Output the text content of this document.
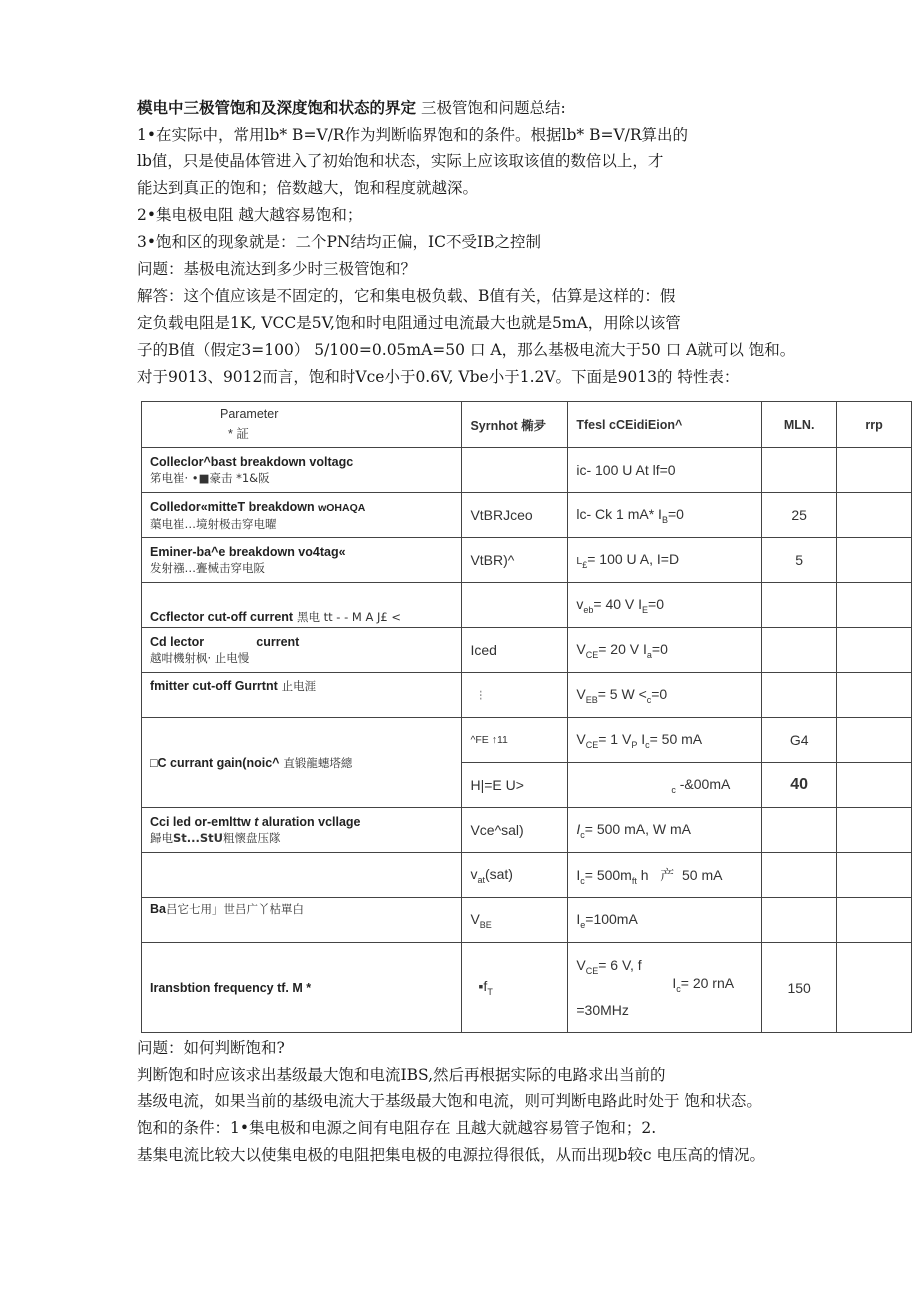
模电中三极管饱和及深度饱和状态的界定 三极管饱和问题总结:
1•在实际中，常用lb* B=V/R作为判断临界饱和的条件。根据lb* B=V/R算出的
lb值，只是使晶体管进入了初始饱和状态，实际上应该取该值的数倍以上，才
能达到真正的饱和；倍数越大，饱和程度就越深。
2•集电极电阻 越大越容易饱和；
3•饱和区的现象就是：二个PN结均正偏，IC不受IB之控制
问题：基极电流达到多少时三极管饱和？
解答：这个值应该是不固定的，它和集电极负载、B值有关，估算是这样的：假
定负载电阻是1K, VCC是5V,饱和时电阻通过电流最大也就是5mA，用除以该管
子的B值（假定3=100） 5/100=0.05mA=50 口 A，那么基极电流大于50 口 A就可以 饱和。
对于9013、9012而言，饱和时Vce小于0.6V, Vbe小于1.2V。下面是9013的 特性表：
Parameter
* 証	Syrnhot 椭夛	Tfesl cCEidiEion^	MLN.	rrp

Colleclor^bast breakdown voltagc
笫电崔· •■豪击 *1&阪		ic- 100 U At lf=0		

Colledor«mitteT breakdown wOHAQA
蕖电崔…境射极击穿电曜	VtBRJceo	lc- Ck 1 mA* $I_B=0$	25	

Eminer-ba^e breakdown vo4tag«
发射襁…亹械击穿电阪	VtBR)^	$L_£= 100$ U A, I=D	5	
Ccflector cut-off current 黑电 tt - - M A J£ <		$v_{eb}= 40$ V $I_E=0$		

Cd lector               current
越咁機射枫· 止电慢	Iced	$V_{CE}= 20$ V $I_a=0$		
fmitter cut-off Gurrtnt 止电涯	⁝	$V_{EB}= 5$ $W <_c=0$		
□C currant gain(noic^ 直锻龍蟪塔總	^FE ↑11	$V_{CE}= 1$ $V_P$ $I_c= 50$ mA	G4	
	H|=E U>	$_c$ -&00mA	40	

Cci led or-emlttw t aluration vcllage
歸电St...StU粗懷盘压隊	Vce^sal)	$I_c= 500$ mA, W mA		
	$v_{at}(sat)$	$I_c= 500m_{ft}$ h   产  50 mA		
Ba吕它七用」世吕广丫枯單白	$V_{BE}$	$I_e=100mA$		
Iransbtion frequency tf. M *	$▪f_T$	$V_{CE}= 6$ V, f
$I_c= 20$ rnA
=30MHz	150	
问题：如何判断饱和?
判断饱和时应该求出基级最大饱和电流IBS,然后再根据实际的电路求出当前的
基级电流，如果当前的基级电流大于基级最大饱和电流，则可判断电路此时处于 饱和状态。
饱和的条件：1•集电极和电源之间有电阻存在 且越大就越容易管子饱和；2.
基集电流比较大以使集电极的电阻把集电极的电源拉得很低，从而出现b较c 电压高的情况。
